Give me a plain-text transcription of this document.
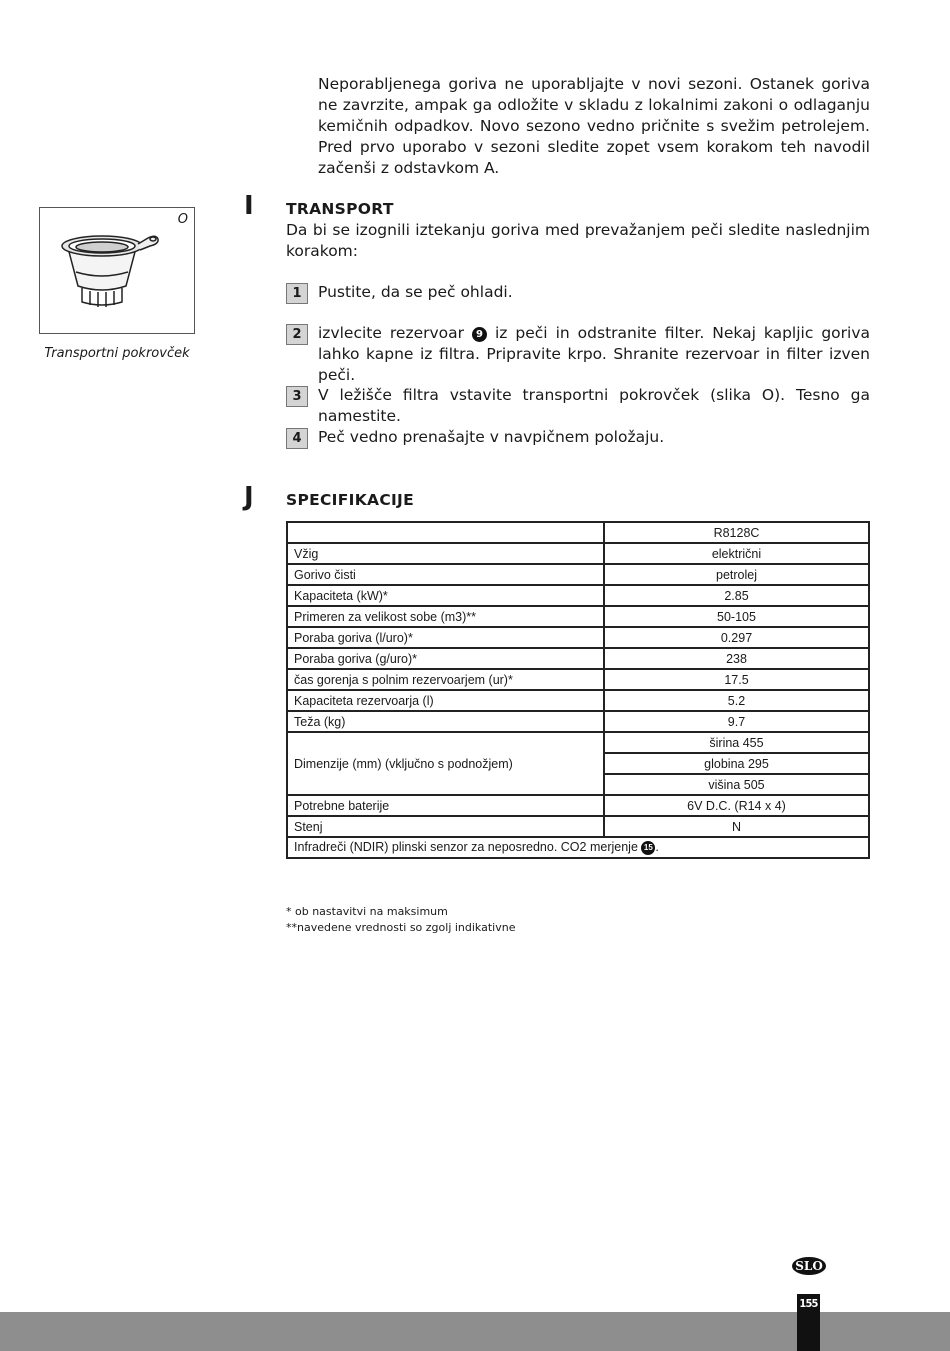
Neporabljenega goriva ne uporabljajte v novi sezoni. Ostanek goriva ne zavrzite, ampak ga odložite v skladu z lokalnimi zakoni o odlaganju kemičnih odpadkov. Novo sezono vedno pričnite s svežim petrolejem. Pred prvo uporabo v sezoni sledite zopet vsem korakom teh navodil začenši z odstavkom A.

O
Transportni pokrovček
I TRANSPORT

Da bi se izognili iztekanju goriva med prevažanjem peči sledite naslednjim korakom:

1	Pustite, da se peč ohladi.
2	izvlecite rezervoar 9 iz peči in odstranite filter. Nekaj kapljic goriva lahko kapne iz filtra. Pripravite krpo. Shranite rezervoar in filter izven peči.
3	V ležišče filtra vstavite transportni pokrovček (slika O). Tesno ga namestite.
4	Peč vedno prenašajte v navpičnem položaju.
J SPECIFIKACIJE
	R8128C
Vžig	električni
Gorivo čisti	petrolej
Kapaciteta (kW)*	2.85
Primeren za velikost sobe (m3)**	50-105
Poraba goriva (l/uro)*	0.297
Poraba goriva (g/uro)*	238
čas gorenja s polnim rezervoarjem (ur)*	17.5
Kapaciteta rezervoarja (l)	5.2
Teža (kg)	9.7
Dimenzije (mm) (vključno s podnožjem)	širina 455
	globina 295
	višina 505
Potrebne baterije	6V D.C. (R14 x 4)
Stenj	N
Infradreči (NDIR) plinski senzor za neposredno. CO2 merjenje 15 .	
* ob nastavitvi na maksimum
**navedene vrednosti so zgolj indikativne
SLO
155
